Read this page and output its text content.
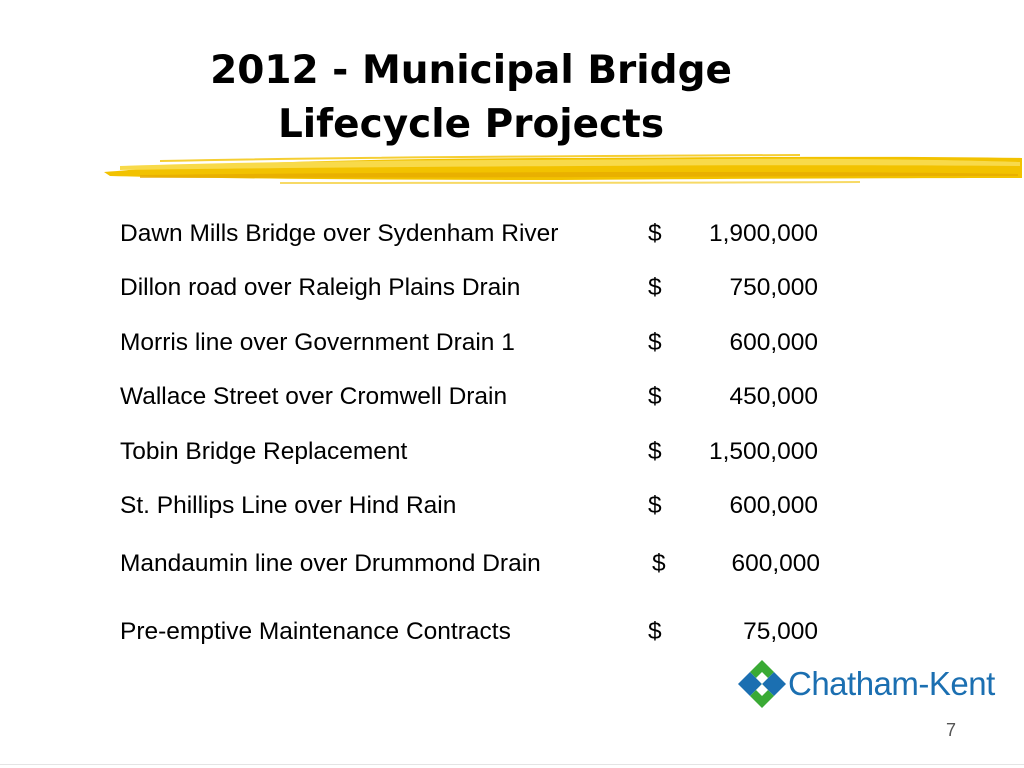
2012 - Municipal Bridge
Lifecycle Projects
Dawn Mills Bridge over Sydenham River	$ 1,900,000
Dillon road over Raleigh Plains Drain	$	750,000
Morris line over Government Drain 1	$	600,000
Wallace Street over Cromwell Drain	$	450,000
Tobin Bridge Replacement	$ 1,500,000
St. Phillips Line over Hind Rain	$	600,000
Mandaumin line over Drummond Drain	$	600,000
Pre-emptive Maintenance Contracts	$	75,000
Chatham-Kent
7
